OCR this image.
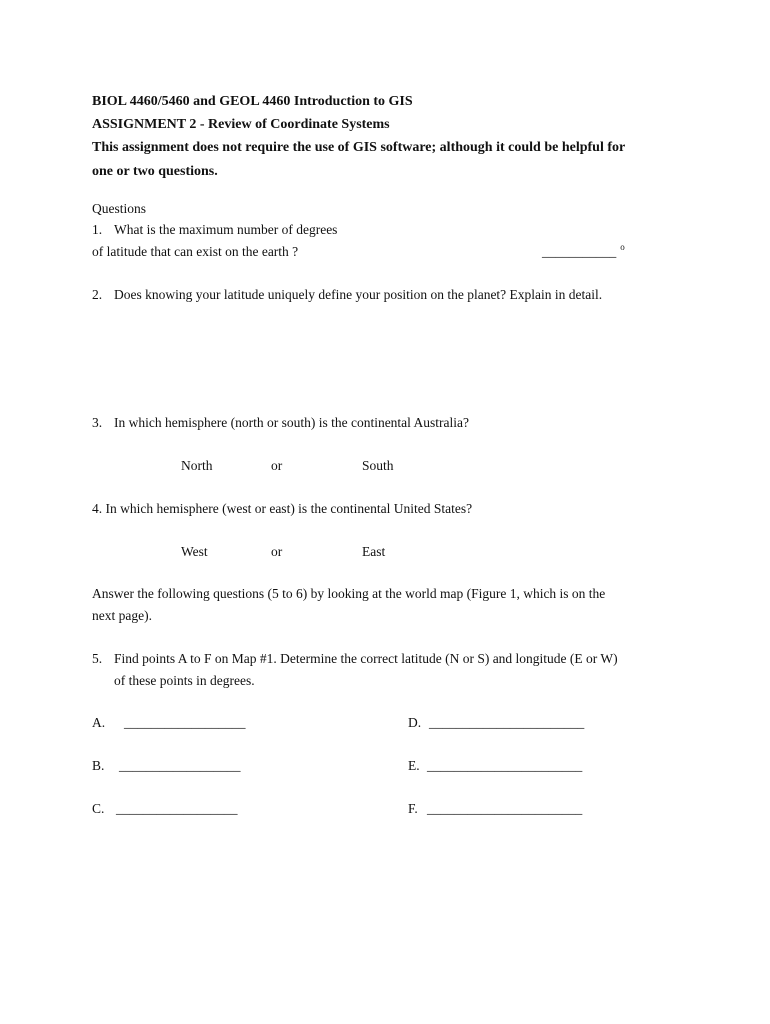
BIOL 4460/5460 and GEOL 4460 Introduction to GIS
ASSIGNMENT 2 - Review of Coordinate Systems
This assignment does not require the use of GIS software; although it could be helpful for
one or two questions.
Questions
1. What is the maximum number of degrees
of latitude that can exist on the earth ?	___________ $^o$
2. Does knowing your latitude uniquely define your position on the planet? Explain in detail.
3. In which hemisphere (north or south) is the continental Australia?
North	or	South
4. In which hemisphere (west or east) is the continental United States?
West	or	East
Answer the following questions (5 to 6) by looking at the world map (Figure 1, which is on the
next page).
5. Find points A to F on Map #1. Determine the correct latitude (N or S) and longitude (E or W)
of these points in degrees.
A. __________________
B. __________________
C. __________________
D. _______________________
E. _______________________
F. _______________________
